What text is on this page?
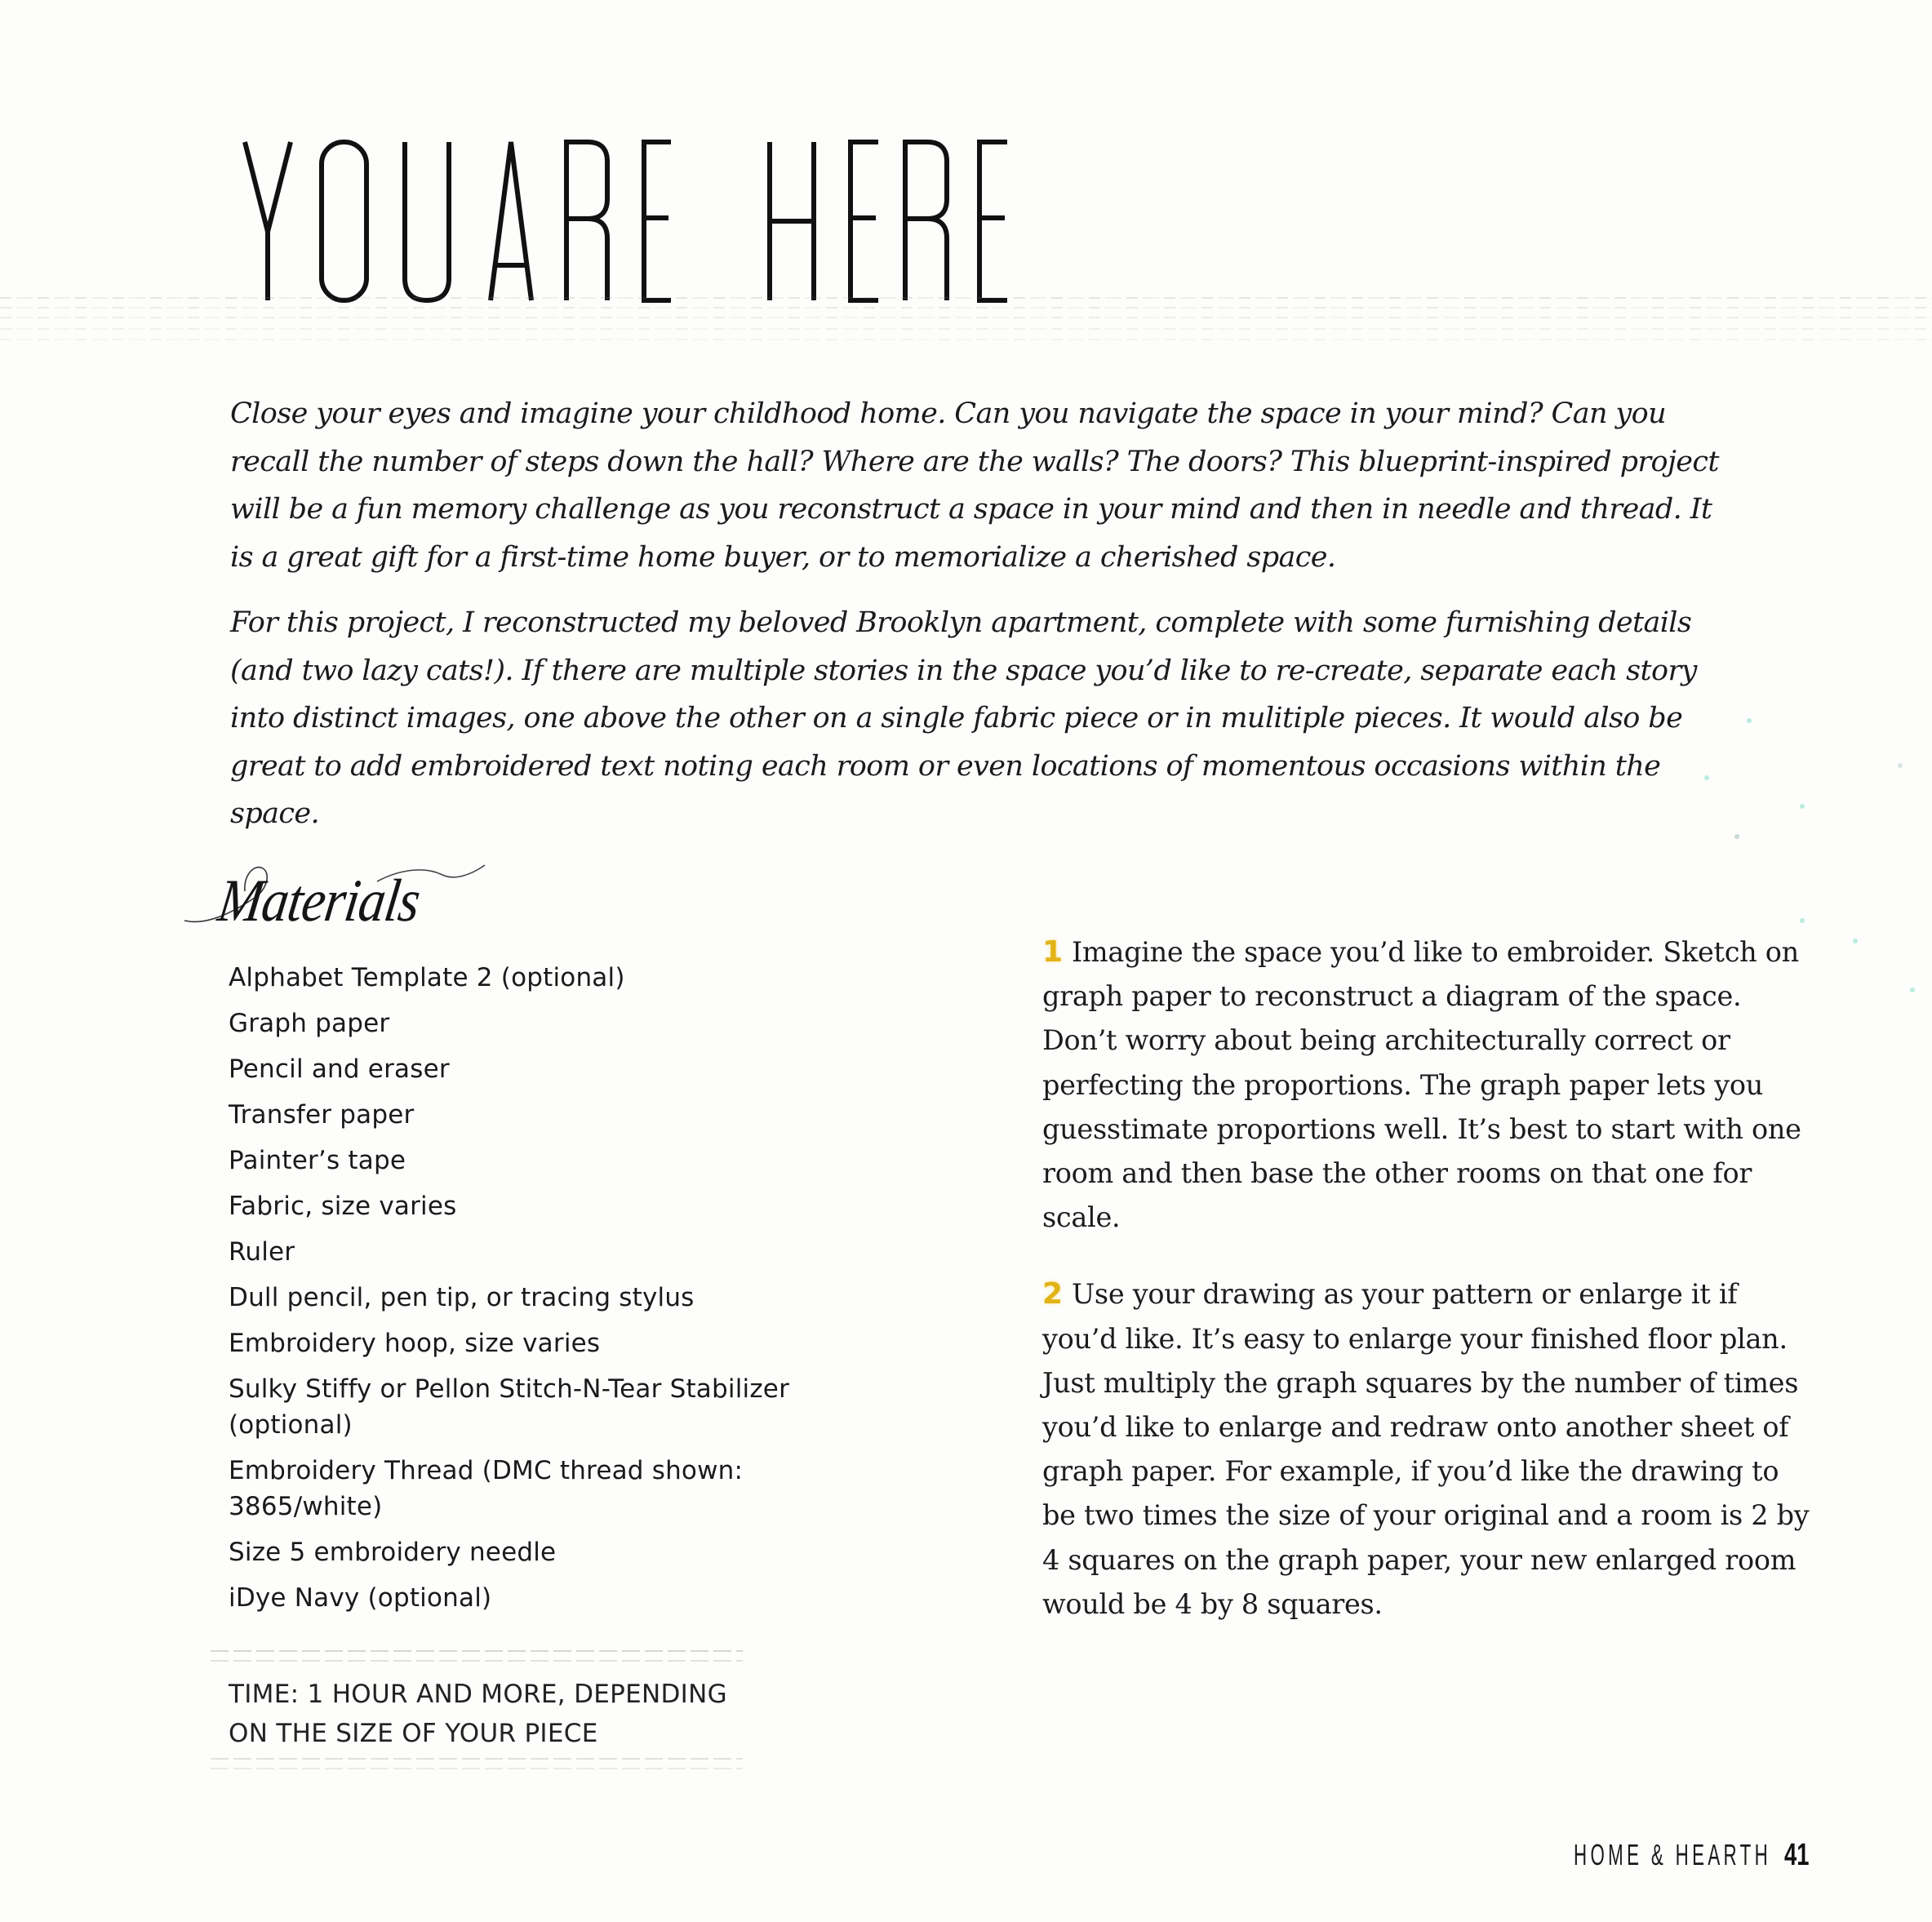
Close your eyes and imagine your childhood home. Can you navigate the space in your mind? Can you recall the number of steps down the hall? Where are the walls? The doors? This blueprint-inspired project will be a fun memory challenge as you reconstruct a space in your mind and then in needle and thread. It is a great gift for a first-time home buyer, or to memorialize a cherished space.

For this project, I reconstructed my beloved Brooklyn apartment, complete with some furnishing details (and two lazy cats!). If there are multiple stories in the space you’d like to re-create, separate each story into distinct images, one above the other on a single fabric piece or in mulitiple pieces. It would also be great to add embroidered text noting each room or even locations of momentous occasions within the space.

Materials
Alphabet Template 2 (optional)
Graph paper
Pencil and eraser
Transfer paper
Painter’s tape
Fabric, size varies
Ruler
Dull pencil, pen tip, or tracing stylus
Embroidery hoop, size varies
Sulky Stiffy or Pellon Stitch-N-Tear Stabilizer (optional)
Embroidery Thread (DMC thread shown: 3865/white)
Size 5 embroidery needle
iDye Navy (optional)
TIME: 1 HOUR AND MORE, DEPENDING ON THE SIZE OF YOUR PIECE

1 Imagine the space you’d like to embroider. Sketch on graph paper to reconstruct a diagram of the space. Don’t worry about being architecturally correct or perfecting the proportions. The graph paper lets you guesstimate proportions well. It’s best to start with one room and then base the other rooms on that one for scale.

2 Use your drawing as your pattern or enlarge it if you’d like. It’s easy to enlarge your finished floor plan. Just multiply the graph squares by the number of times you’d like to enlarge and redraw onto another sheet of graph paper. For example, if you’d like the drawing to be two times the size of your original and a room is 2 by 4 squares on the graph paper, your new enlarged room would be 4 by 8 squares.

HOME & HEARTH 41
